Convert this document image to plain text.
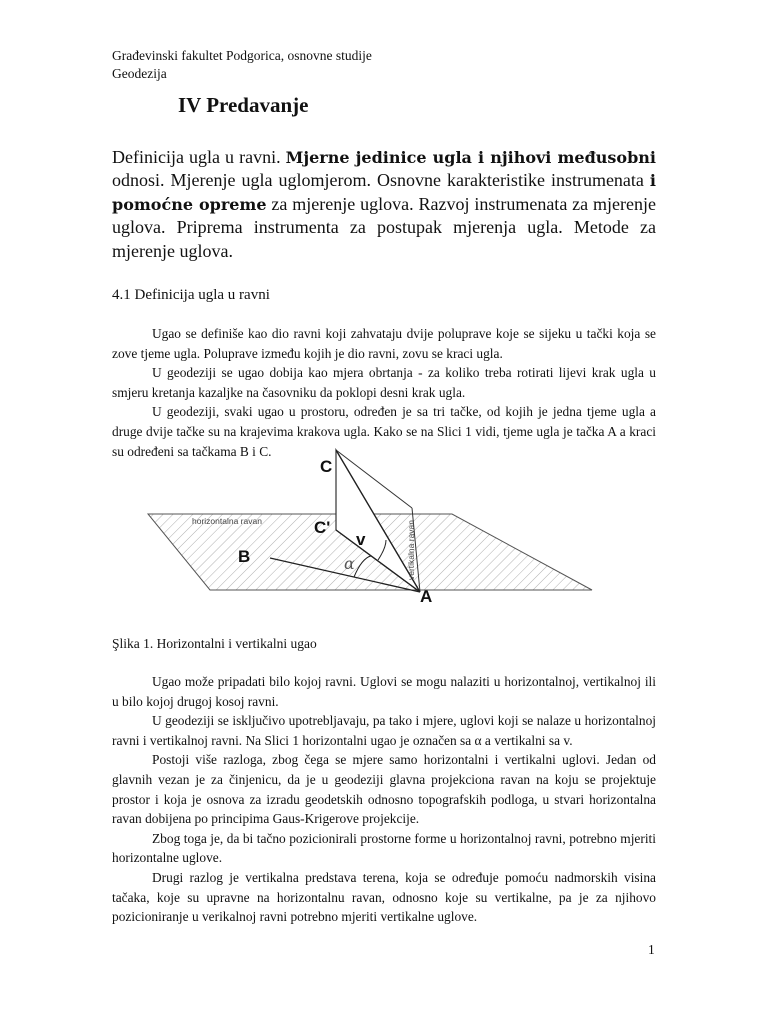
Građevinski fakultet Podgorica, osnovne studije
Geodezija
IV Predavanje
Definicija ugla u ravni. Mjerne jedinice ugla i njihovi međusobni odnosi. Mjerenje ugla uglomjerom. Osnovne karakteristike instrumenata i pomoćne opreme za mjerenje uglova. Razvoj instrumenata za mjerenje uglova. Priprema instrumenta za postupak mjerenja ugla. Metode za mjerenje uglova.
4.1 Definicija ugla u ravni

Ugao se definiše kao dio ravni koji zahvataju dvije poluprave koje se sijeku u tački koja se zove tjeme ugla. Poluprave između kojih je dio ravni, zovu se kraci ugla.

U geodeziji se ugao dobija kao mjera obrtanja - za koliko treba rotirati lijevi krak ugla u smjeru kretanja kazaljke na časovniku da poklopi desni krak ugla.

U geodeziji, svaki ugao u prostoru, određen je sa tri tačke, od kojih je jedna tjeme ugla a druge dvije tačke su na krajevima krakova ugla. Kako se na Slici 1 vidi, tjeme ugla je tačka A a kraci su određeni sa tačkama B i C.

C
C'
v
B	α
A
horizontalna ravan	vertikalna ravan
Şlika 1. Horizontalni i vertikalni ugao

Ugao može pripadati bilo kojoj ravni. Uglovi se mogu nalaziti u horizontalnoj, vertikalnoj ili u bilo kojoj drugoj kosoj ravni.

U geodeziji se isključivo upotrebljavaju, pa tako i mjere, uglovi koji se nalaze u horizontalnoj ravni i vertikalnoj ravni. Na Slici 1 horizontalni ugao je označen sa α a vertikalni sa v.

Postoji više razloga, zbog čega se mjere samo horizontalni i vertikalni uglovi. Jedan od glavnih vezan je za činjenicu, da je u geodeziji glavna projekciona ravan na koju se projektuje prostor i koja je osnova za izradu geodetskih odnosno topografskih podloga, u stvari horizontalna ravan dobijena po principima Gaus-Krigerove projekcije.

Zbog toga je, da bi tačno pozicionirali prostorne forme u horizontalnoj ravni, potrebno mjeriti horizontalne uglove.

Drugi razlog je vertikalna predstava terena, koja se određuje pomoću nadmorskih visina tačaka, koje su upravne na horizontalnu ravan, odnosno koje su vertikalne, pa je za njihovo pozicioniranje u verikalnoj ravni potrebno mjeriti vertikalne uglove.

1
